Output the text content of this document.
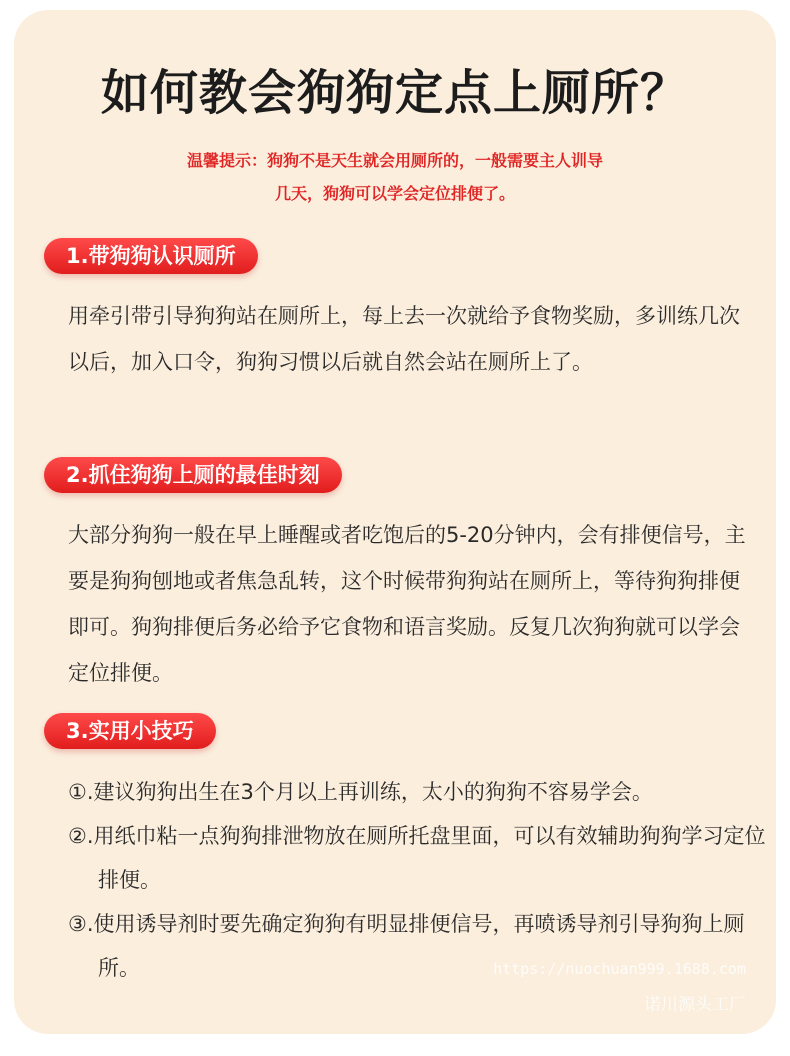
如何教会狗狗定点上厕所？

温馨提示：狗狗不是天生就会用厕所的，一般需要主人训导

几天，狗狗可以学会定位排便了。

1.带狗狗认识厕所

用牵引带引导狗狗站在厕所上，每上去一次就给予食物奖励，多训练几次以后，加入口令，狗狗习惯以后就自然会站在厕所上了。

2.抓住狗狗上厕的最佳时刻

大部分狗狗一般在早上睡醒或者吃饱后的5-20分钟内，会有排便信号，主要是狗狗刨地或者焦急乱转，这个时候带狗狗站在厕所上，等待狗狗排便即可。狗狗排便后务必给予它食物和语言奖励。反复几次狗狗就可以学会定位排便。

3.实用小技巧

①.建议狗狗出生在3个月以上再训练，太小的狗狗不容易学会。

②.用纸巾粘一点狗狗排泄物放在厕所托盘里面，可以有效辅助狗狗学习定位排便。

③.使用诱导剂时要先确定狗狗有明显排便信号，再喷诱导剂引导狗狗上厕所。	https://nuochuan999.1688.com

诺川源头工厂
